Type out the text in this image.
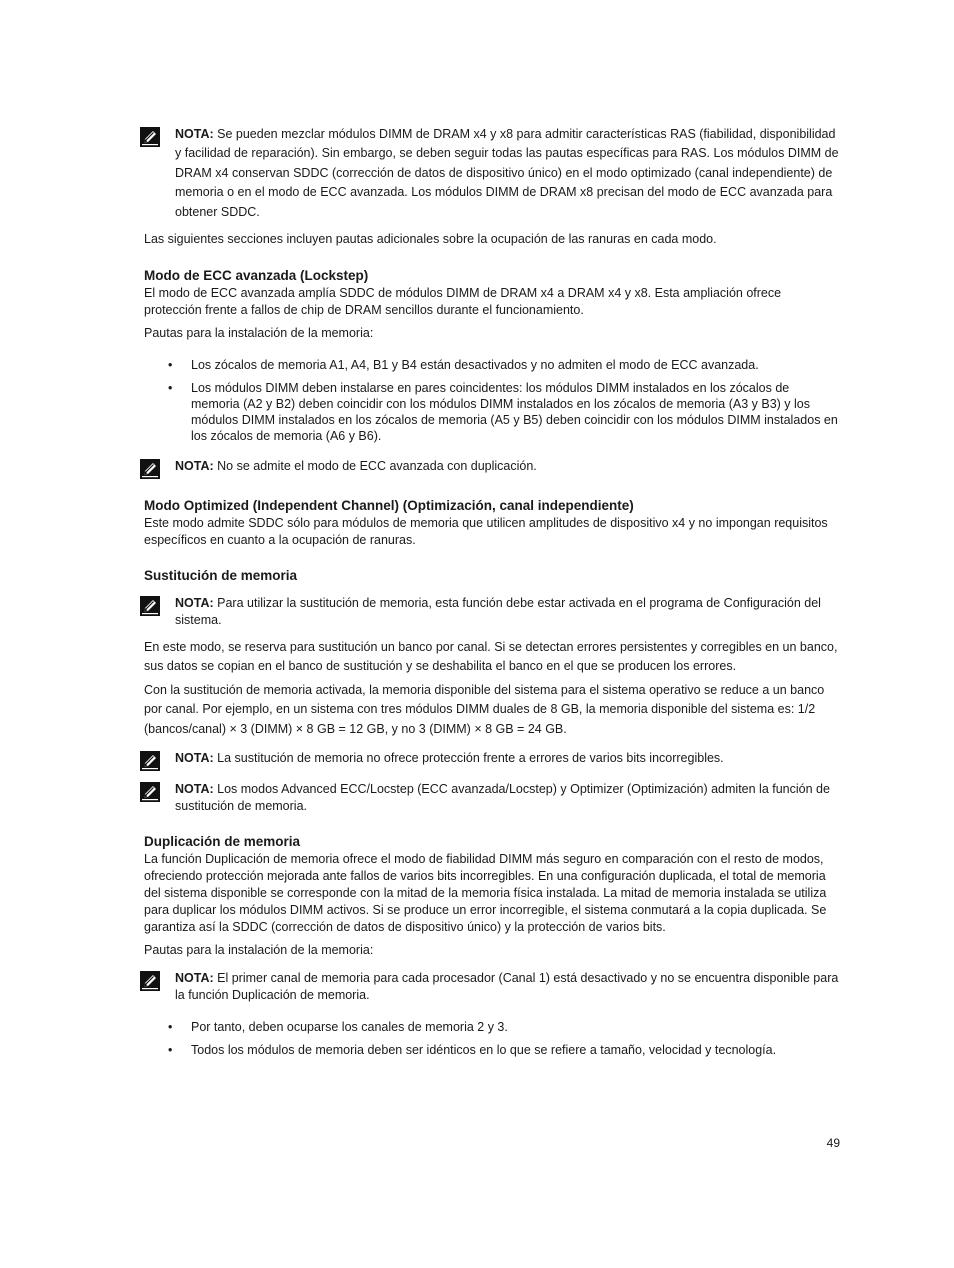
NOTA: Se pueden mezclar módulos DIMM de DRAM x4 y x8 para admitir características RAS (fiabilidad, disponibilidad y facilidad de reparación). Sin embargo, se deben seguir todas las pautas específicas para RAS. Los módulos DIMM de DRAM x4 conservan SDDC (corrección de datos de dispositivo único) en el modo optimizado (canal independiente) de memoria o en el modo de ECC avanzada. Los módulos DIMM de DRAM x8 precisan del modo de ECC avanzada para obtener SDDC.

Las siguientes secciones incluyen pautas adicionales sobre la ocupación de las ranuras en cada modo.

Modo de ECC avanzada (Lockstep)

El modo de ECC avanzada amplía SDDC de módulos DIMM de DRAM x4 a DRAM x4 y x8. Esta ampliación ofrece protección frente a fallos de chip de DRAM sencillos durante el funcionamiento.

Pautas para la instalación de la memoria:

• Los zócalos de memoria A1, A4, B1 y B4 están desactivados y no admiten el modo de ECC avanzada.
• Los módulos DIMM deben instalarse en pares coincidentes: los módulos DIMM instalados en los zócalos de memoria (A2 y B2) deben coincidir con los módulos DIMM instalados en los zócalos de memoria (A3 y B3) y los módulos DIMM instalados en los zócalos de memoria (A5 y B5) deben coincidir con los módulos DIMM instalados en los zócalos de memoria (A6 y B6).

NOTA: No se admite el modo de ECC avanzada con duplicación.

Modo Optimized (Independent Channel) (Optimización, canal independiente)

Este modo admite SDDC sólo para módulos de memoria que utilicen amplitudes de dispositivo x4 y no impongan requisitos específicos en cuanto a la ocupación de ranuras.

Sustitución de memoria

NOTA: Para utilizar la sustitución de memoria, esta función debe estar activada en el programa de Configuración del sistema.

En este modo, se reserva para sustitución un banco por canal. Si se detectan errores persistentes y corregibles en un banco, sus datos se copian en el banco de sustitución y se deshabilita el banco en el que se producen los errores.

Con la sustitución de memoria activada, la memoria disponible del sistema para el sistema operativo se reduce a un banco por canal. Por ejemplo, en un sistema con tres módulos DIMM duales de 8 GB, la memoria disponible del sistema es: 1/2 (bancos/canal) × 3 (DIMM) × 8 GB = 12 GB, y no 3 (DIMM) × 8 GB = 24 GB.

NOTA: La sustitución de memoria no ofrece protección frente a errores de varios bits incorregibles.

NOTA: Los modos Advanced ECC/Locstep (ECC avanzada/Locstep) y Optimizer (Optimización) admiten la función de sustitución de memoria.

Duplicación de memoria

La función Duplicación de memoria ofrece el modo de fiabilidad DIMM más seguro en comparación con el resto de modos, ofreciendo protección mejorada ante fallos de varios bits incorregibles. En una configuración duplicada, el total de memoria del sistema disponible se corresponde con la mitad de la memoria física instalada. La mitad de memoria instalada se utiliza para duplicar los módulos DIMM activos. Si se produce un error incorregible, el sistema conmutará a la copia duplicada. Se garantiza así la SDDC (corrección de datos de dispositivo único) y la protección de varios bits.

Pautas para la instalación de la memoria:

NOTA: El primer canal de memoria para cada procesador (Canal 1) está desactivado y no se encuentra disponible para la función Duplicación de memoria.

• Por tanto, deben ocuparse los canales de memoria 2 y 3.
• Todos los módulos de memoria deben ser idénticos en lo que se refiere a tamaño, velocidad y tecnología.
49
